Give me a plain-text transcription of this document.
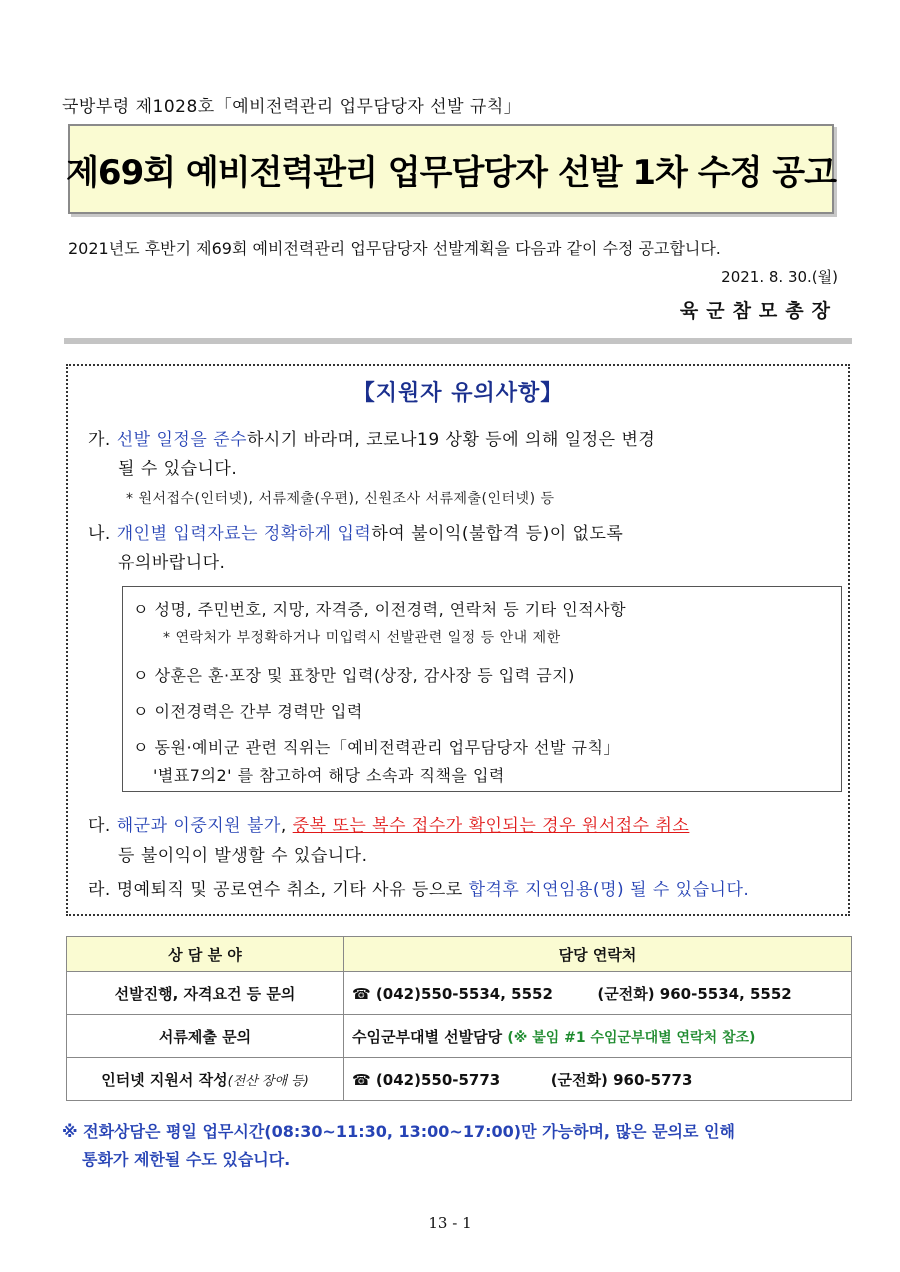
국방부령 제1028호「예비전력관리 업무담당자 선발 규칙」
제69회 예비전력관리 업무담당자 선발 1차 수정 공고
2021년도 후반기 제69회 예비전력관리 업무담당자 선발계획을 다음과 같이 수정 공고합니다.
2021. 8. 30.(월)
육군참모총장
【지원자 유의사항】
가. 선발 일정을 준수하시기 바라며, 코로나19 상황 등에 의해 일정은 변경
될 수 있습니다.
* 원서접수(인터넷), 서류제출(우편), 신원조사 서류제출(인터넷) 등
나. 개인별 입력자료는 정확하게 입력하여 불이익(불합격 등)이 없도록
유의바랍니다.
ㅇ 성명, 주민번호, 지망, 자격증, 이전경력, 연락처 등 기타 인적사항
* 연락처가 부정확하거나 미입력시 선발관련 일정 등 안내 제한
ㅇ 상훈은 훈·포장 및 표창만 입력(상장, 감사장 등 입력 금지)
ㅇ 이전경력은 간부 경력만 입력
ㅇ 동원·예비군 관련 직위는「예비전력관리 업무담당자 선발 규칙」
'별표7의2' 를 참고하여 해당 소속과 직책을 입력
다. 해군과 이중지원 불가, 중복 또는 복수 접수가 확인되는 경우 원서접수 취소
등 불이익이 발생할 수 있습니다.
라. 명예퇴직 및 공로연수 취소, 기타 사유 등으로 합격후 지연임용(명) 될 수 있습니다.
상 담 분 야	담당 연락처
선발진행, 자격요건 등 문의	☎ (042)550-5534, 5552 (군전화) 960-5534, 5552
서류제출 문의	수임군부대별 선발담당 (※ 붙임 #1 수임군부대별 연락처 참조)
인터넷 지원서 작성(전산 장애 등)	☎ (042)550-5773 (군전화) 960-5773
※ 전화상담은 평일 업무시간(08:30∼11:30, 13:00∼17:00)만 가능하며, 많은 문의로 인해
통화가 제한될 수도 있습니다.
13 - 1
